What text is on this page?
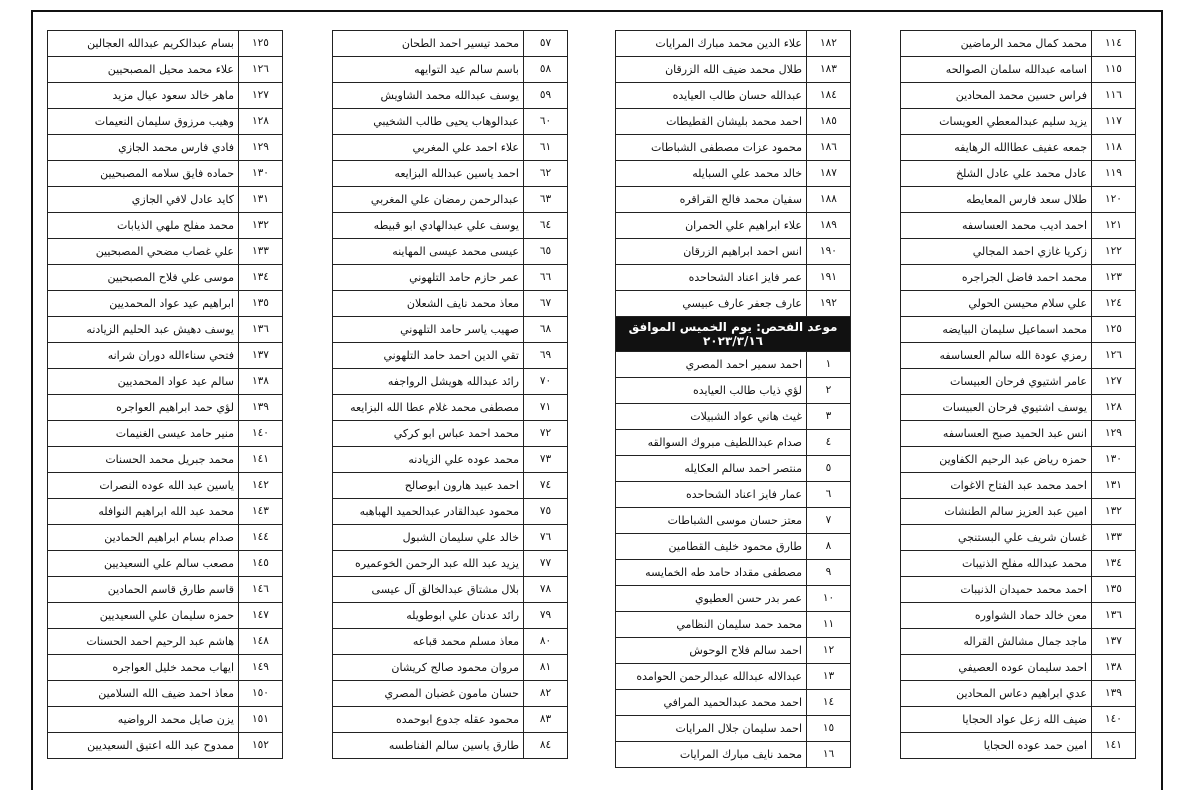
١١٤	محمد كمال محمد الرماضين
١١٥	اسامه عبدالله سلمان الصوالحه
١١٦	فراس حسين محمد المحادين
١١٧	يزيد سليم عبدالمعطي العويسات
١١٨	جمعه عفيف عطاالله الرهايفه
١١٩	عادل محمد علي عادل الشلخ
١٢٠	طلال سعد فارس المعايطه
١٢١	احمد اديب محمد العساسفه
١٢٢	زكريا غازي احمد المجالي
١٢٣	محمد احمد فاضل الجراجره
١٢٤	علي سلام محيسن الحولي
١٢٥	محمد اسماعيل سليمان البيايضه
١٢٦	رمزي عودة الله سالم العساسفه
١٢٧	عامر اشتيوي فرحان العبيسات
١٢٨	يوسف اشتيوي فرحان العبيسات
١٢٩	انس عبد الحميد صبح العساسفه
١٣٠	حمزه رياض عبد الرحيم الكفاوين
١٣١	احمد محمد عبد الفتاح الاغوات
١٣٢	امين عبد العزيز سالم الطنشات
١٣٣	غسان شريف علي البستنجي
١٣٤	محمد عبدالله مفلح الذنيبات
١٣٥	احمد محمد حميدان الذنيبات
١٣٦	معن خالد حماد الشواوره
١٣٧	ماجد جمال مشالش القراله
١٣٨	احمد سليمان عوده العصيفي
١٣٩	عدي ابراهيم دعاس المحادين
١٤٠	ضيف الله زعل عواد الحجايا
١٤١	امين حمد عوده الحجايا
١٨٢	علاء الدين محمد مبارك المرايات
١٨٣	طلال محمد ضيف الله الزرقان
١٨٤	عبدالله حسان طالب العيايده
١٨٥	احمد محمد بليشان القطيطات
١٨٦	محمود عزات مصطفى الشباطات
١٨٧	خالد محمد علي السبايله
١٨٨	سفيان محمد فالح القراقره
١٨٩	علاء ابراهيم علي الحمران
١٩٠	انس احمد ابراهيم الزرقان
١٩١	عمر فايز اعناد الشحاحده
١٩٢	عارف جعفر عارف عبيسي
موعد الفحص: يوم الخميس الموافق ٢٠٢٣/٣/١٦	
١	احمد سمير احمد المصري
٢	لؤي ذياب طالب العيايده
٣	غيث هاني عواد الشبيلات
٤	صدام عبداللطيف مبروك السوالقه
٥	منتصر احمد سالم العكايله
٦	عمار فايز اعناد الشحاحده
٧	معتز حسان موسى الشباطات
٨	طارق محمود خليف القطامين
٩	مصطفى مقداد حامد طه الخمايسه
١٠	عمر بدر حسن العطيوي
١١	محمد حمد سليمان النظامي
١٢	احمد سالم فلاح الوحوش
١٣	عبدالاله عبدالله عبدالرحمن الحوامده
١٤	احمد محمد عبدالحميد المرافي
١٥	احمد سليمان جلال المرايات
١٦	محمد نايف مبارك المرايات
٥٧	محمد تيسير احمد الطحان
٥٨	باسم سالم عيد التوايهه
٥٩	يوسف عبدالله محمد الشاويش
٦٠	عبدالوهاب يحيى طالب الشخيبي
٦١	علاء احمد علي المغربي
٦٢	احمد ياسين عبدالله البزايعه
٦٣	عبدالرحمن رمضان علي المغربي
٦٤	يوسف علي عبدالهادي ابو قبيطه
٦٥	عيسى محمد عيسى المهاينه
٦٦	عمر حازم حامد التلهوني
٦٧	معاذ محمد نايف الشعلان
٦٨	صهيب ياسر حامد التلهوني
٦٩	تقي الدين احمد حامد التلهوني
٧٠	رائد عبدالله هويشل الرواجفه
٧١	مصطفى محمد غلام عطا الله البزايعه
٧٢	محمد احمد عباس ابو كركي
٧٣	محمد عوده علي الزيادنه
٧٤	احمد عبيد هارون ابوصالح
٧٥	محمود عبدالقادر عبدالحميد الهباهبه
٧٦	خالد علي سليمان الشبول
٧٧	يزيد عبد الله عبد الرحمن الخوعميره
٧٨	بلال مشتاق عبدالخالق آل عيسى
٧٩	رائد عدنان علي ابوطويله
٨٠	معاذ مسلم محمد قباعه
٨١	مروان محمود صالح كريشان
٨٢	حسان مامون غضبان المصري
٨٣	محمود عقله جدوع ابوحمده
٨٤	طارق ياسين سالم الفناطسه
١٢٥	بسام عبدالكريم عبدالله العجالين
١٢٦	علاء محمد محيل المصبحيين
١٢٧	ماهر خالد سعود عيال مزيد
١٢٨	وهيب مرزوق سليمان النعيمات
١٢٩	فادي فارس محمد الجازي
١٣٠	حماده فايق سلامه المصبحيين
١٣١	كايد عادل لافي الجازي
١٣٢	محمد مفلح ملهي الذيابات
١٣٣	علي غصاب مضحي المصبحيين
١٣٤	موسى علي فلاح المصبحيين
١٣٥	ابراهيم عيد عواد المحمديين
١٣٦	يوسف دهيش عبد الحليم الزيادنه
١٣٧	فتحي سناءالله دوران شرانه
١٣٨	سالم عيد عواد المحمديين
١٣٩	لؤي حمد ابراهيم العواجره
١٤٠	منير حامد عيسى الغنيمات
١٤١	محمد جبريل محمد الحسنات
١٤٢	ياسين عبد الله عوده النصرات
١٤٣	محمد عبد الله ابراهيم النوافله
١٤٤	صدام بسام ابراهيم الحمادين
١٤٥	مصعب سالم علي السعيديين
١٤٦	قاسم طارق قاسم الحمادين
١٤٧	حمزه سليمان علي السعيديين
١٤٨	هاشم عبد الرحيم احمد الحسنات
١٤٩	ايهاب محمد خليل العواجره
١٥٠	معاذ احمد ضيف الله السلامين
١٥١	يزن صايل محمد الرواضيه
١٥٢	ممدوح عبد الله اعتيق السعيديين
